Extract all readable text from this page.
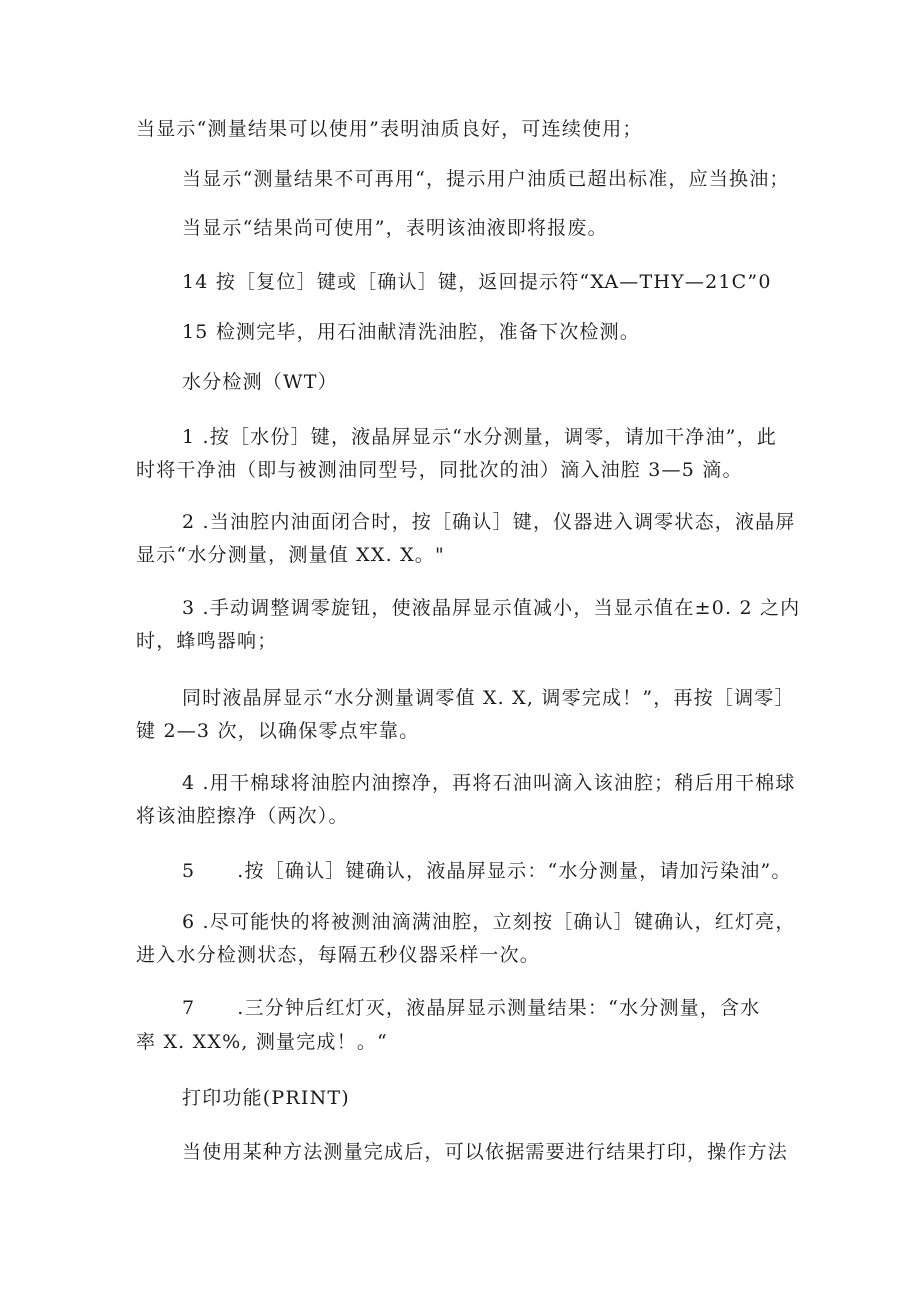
当显示“测量结果可以使用”表明油质良好，可连续使用；
当显示“测量结果不可再用“，提示用户油质已超出标准，应当换油；
当显示“结果尚可使用”，表明该油液即将报废。
14 按［复位］键或［确认］键，返回提示符“XA—THY—21C”0
15 检测完毕，用石油献清洗油腔，准备下次检测。
水分检测（WT）
1 .按［水份］键，液晶屏显示“水分测量，调零，请加干净油”，此
时将干净油（即与被测油同型号，同批次的油）滴入油腔 3—5 滴。
2 .当油腔内油面闭合时，按［确认］键，仪器进入调零状态，液晶屏
显示“水分测量，测量值 XX. X。"
3 .手动调整调零旋钮，使液晶屏显示值减小，当显示值在±0. 2 之内
时，蜂鸣器响；
同时液晶屏显示“水分测量调零值 X. X, 调零完成！”，再按［调零］
键 2—3 次，以确保零点牢靠。
4 .用干棉球将油腔内油擦净，再将石油叫滴入该油腔；稍后用干棉球
将该油腔擦净（两次）。
5 .按［确认］键确认，液晶屏显示：“水分测量，请加污染油”。
6 .尽可能快的将被测油滴满油腔，立刻按［确认］键确认，红灯亮，
进入水分检测状态，每隔五秒仪器采样一次。
7 .三分钟后红灯灭，液晶屏显示测量结果：“水分测量，含水
率 X. XX%, 测量完成！。“
打印功能(PRINT)
当使用某种方法测量完成后，可以依据需要进行结果打印，操作方法
